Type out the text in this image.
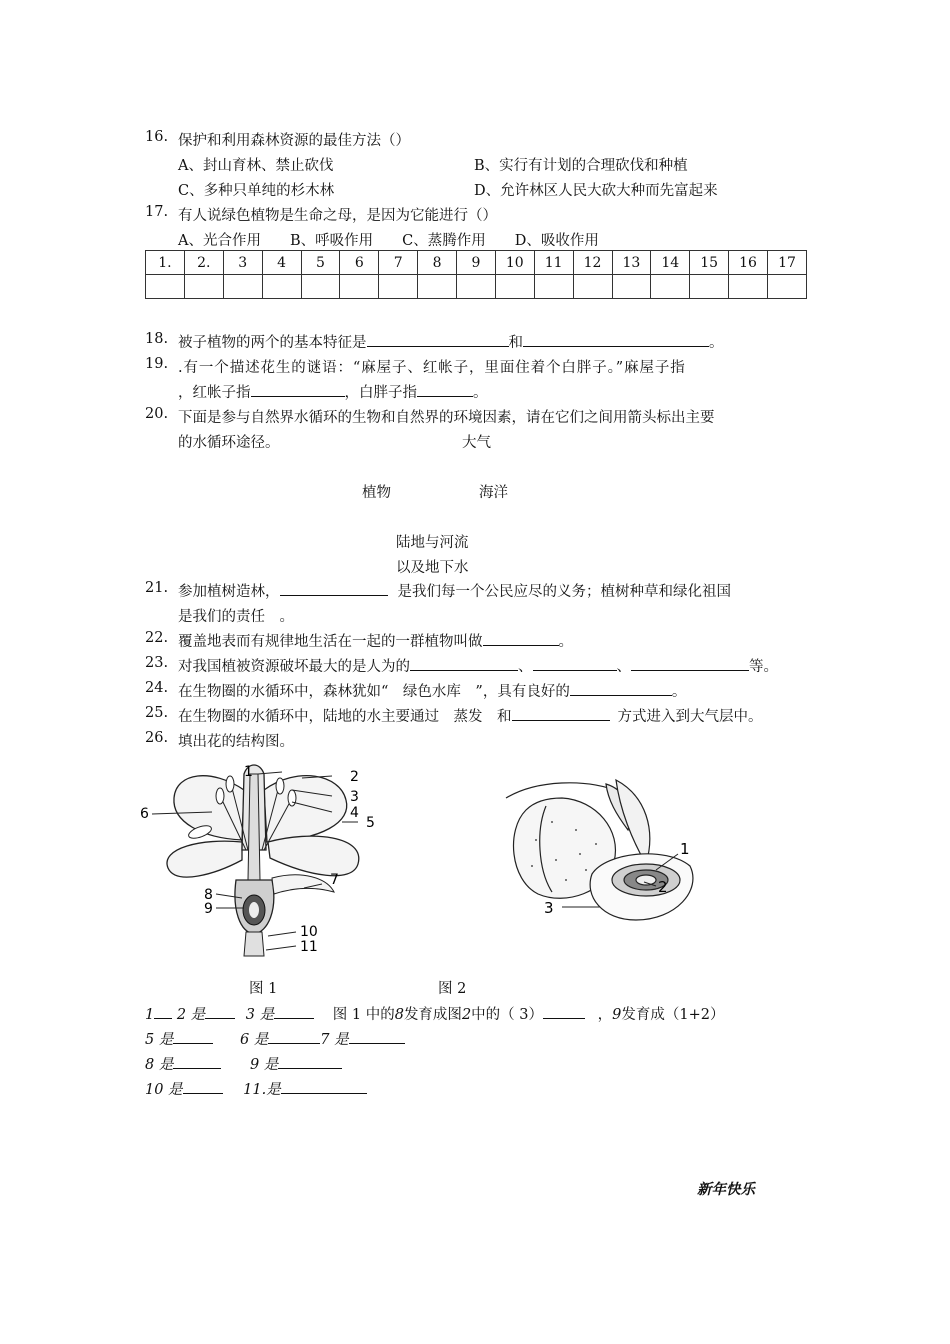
16. 保护和利用森林资源的最佳方法（）
A、封山育林、禁止砍伐	B、实行有计划的合理砍伐和种植
C、多种只单纯的杉木林	D、允许林区人民大砍大种而先富起来
17. 有人说绿色植物是生命之母，是因为它能进行（）
A、光合作用　　B、呼吸作用　　C、蒸腾作用　　D、吸收作用
1.	2.	3	4	5	6	7	8	9	10	11	12	13	14	15	16	17

18. 被子植物的两个的基本特征是	和	。
19. .有一个描述花生的谜语：“麻屋子、红帐子，里面住着个白胖子。”麻屋子指
，红帐子指	，白胖子指	。
20. 下面是参与自然界水循环的生物和自然界的环境因素，请在它们之间用箭头标出主要
的水循环途径。	大气
植物	海洋
陆地与河流
以及地下水
21. 参加植树造林，	是我们每一个公民应尽的义务；植树种草和绿化祖国
是我们的责任　。
22. 覆盖地表而有规律地生活在一起的一群植物叫做	。
23. 对我国植被资源破坏最大的是人为的	、	、	等。
24. 在生物圈的水循环中，森林犹如“　绿色水库　”，具有良好的	。
25. 在生物圈的水循环中，陆地的水主要通过　蒸发　和	方式进入到大气层中。
26. 填出花的结构图。
1	2
3
4
5
6
7
8
9
10
11
1
2
3
图 1	图 2
1 2 是	3 是	图 1 中的8发育成图2中的（ 3）	，9发育成（1+2）
5 是	6 是	7 是
8 是	9 是
10 是	11.是
新年快乐
